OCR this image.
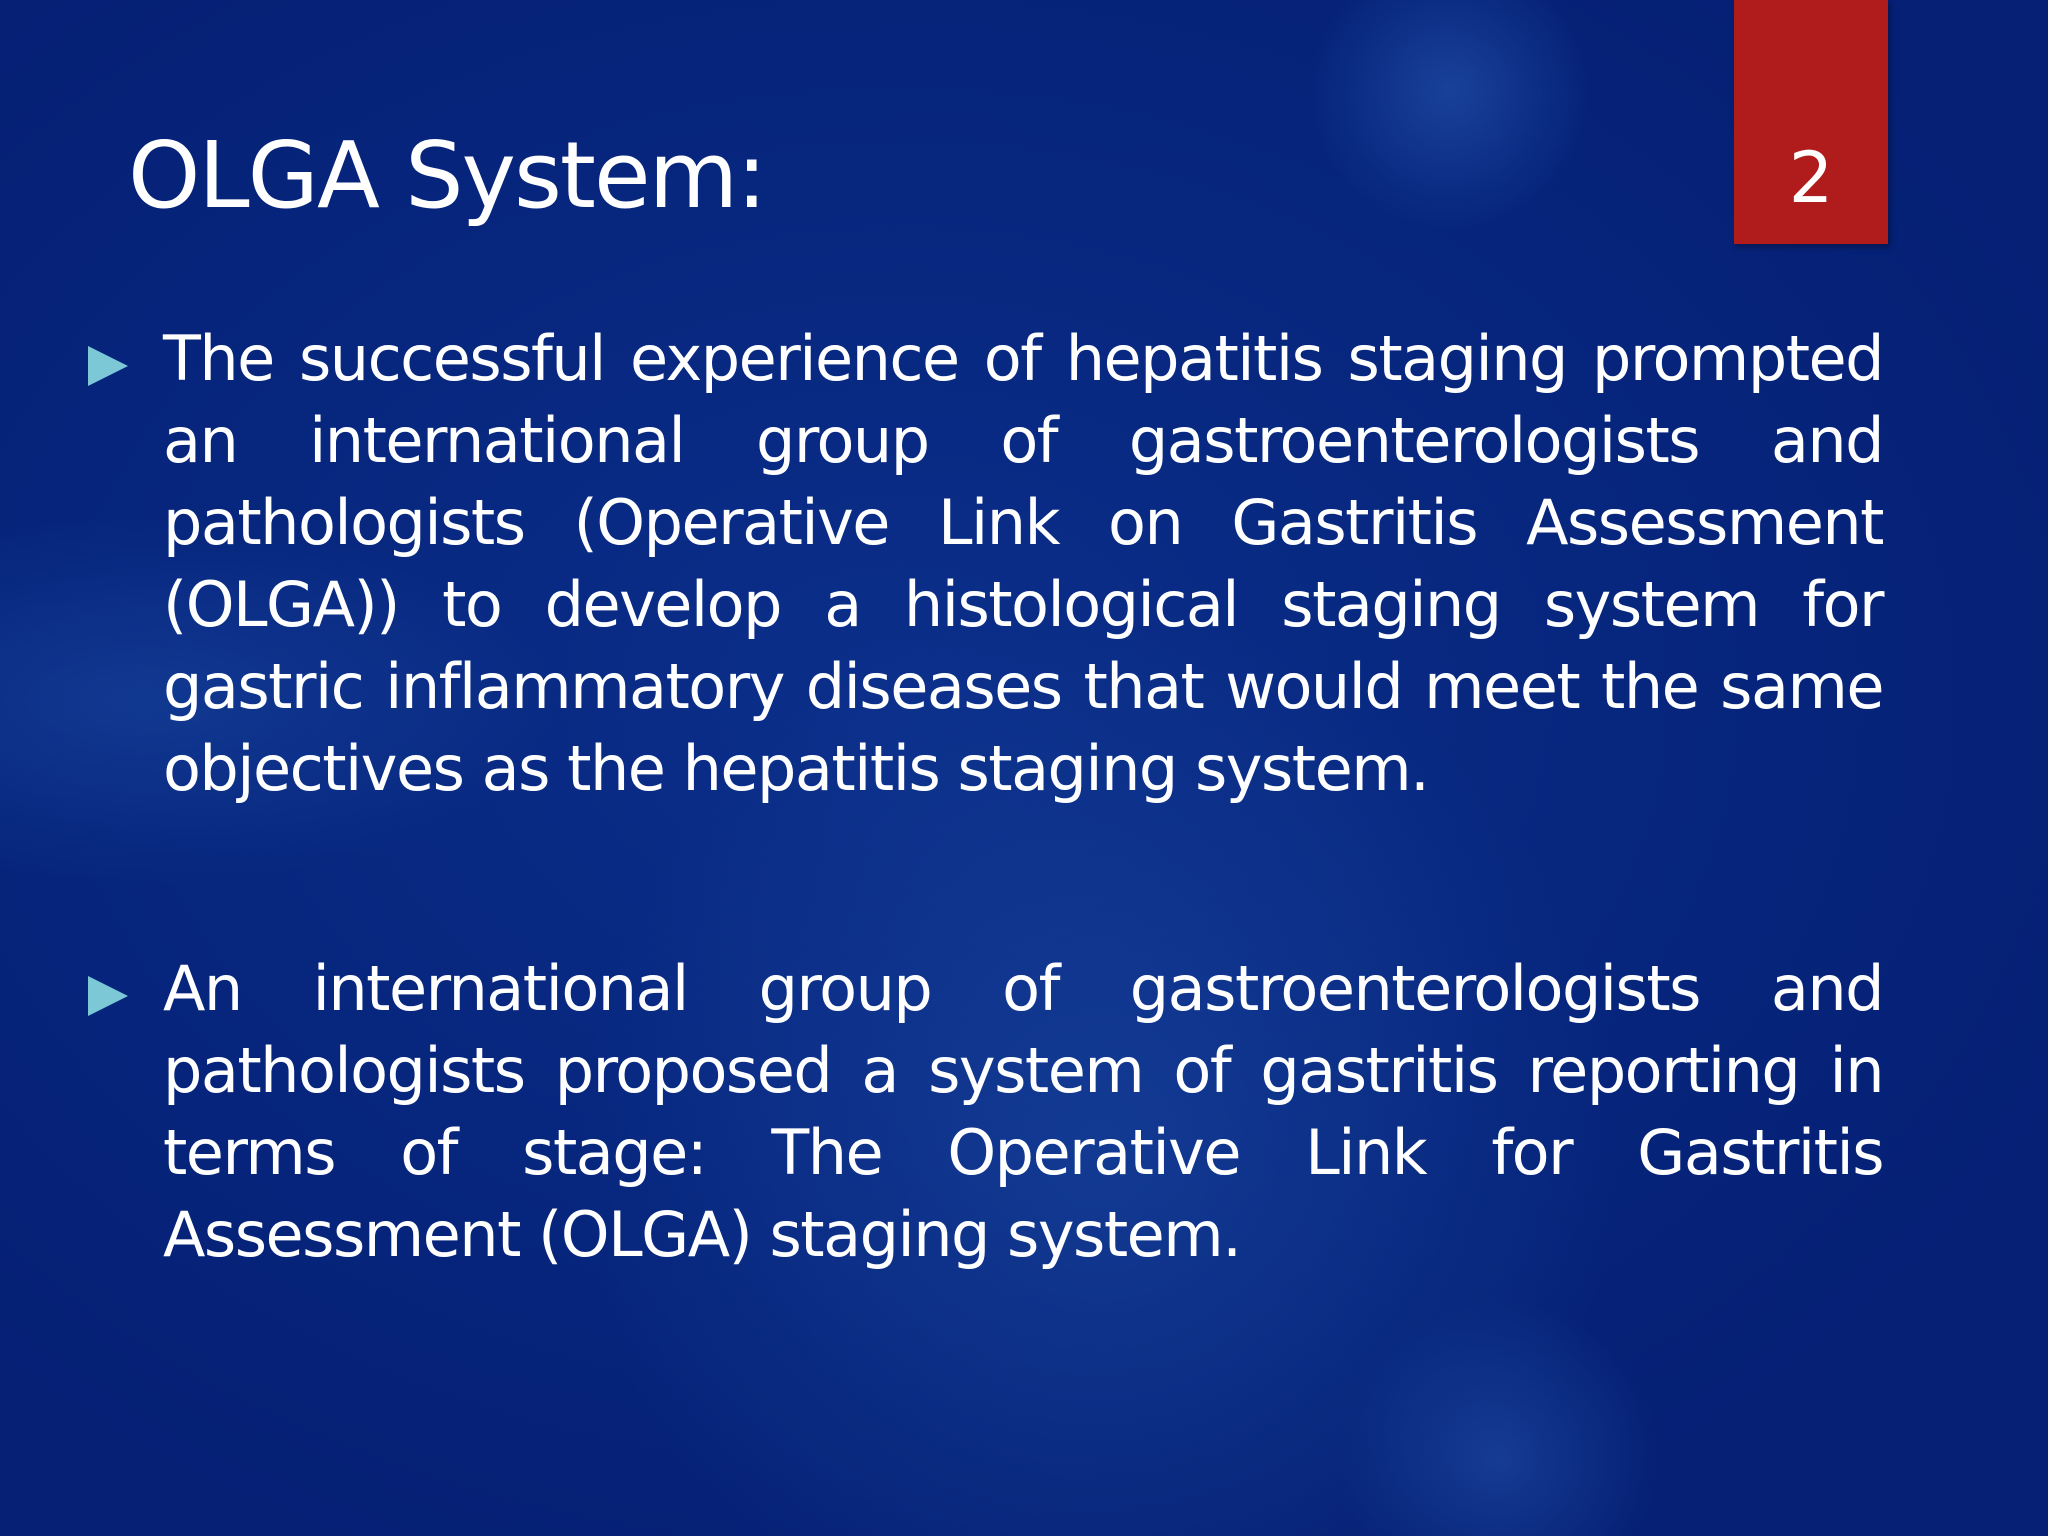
OLGA System:	2
The successful experience of hepatitis staging prompted an international group of gastroenterologists and pathologists (Operative Link on Gastritis Assessment (OLGA)) to develop a histological staging system for gastric inflammatory diseases that would meet the same objectives as the hepatitis staging system.
An international group of gastroenterologists and pathologists proposed a system of gastritis reporting in terms of stage: The Operative Link for Gastritis Assessment (OLGA) staging system.
